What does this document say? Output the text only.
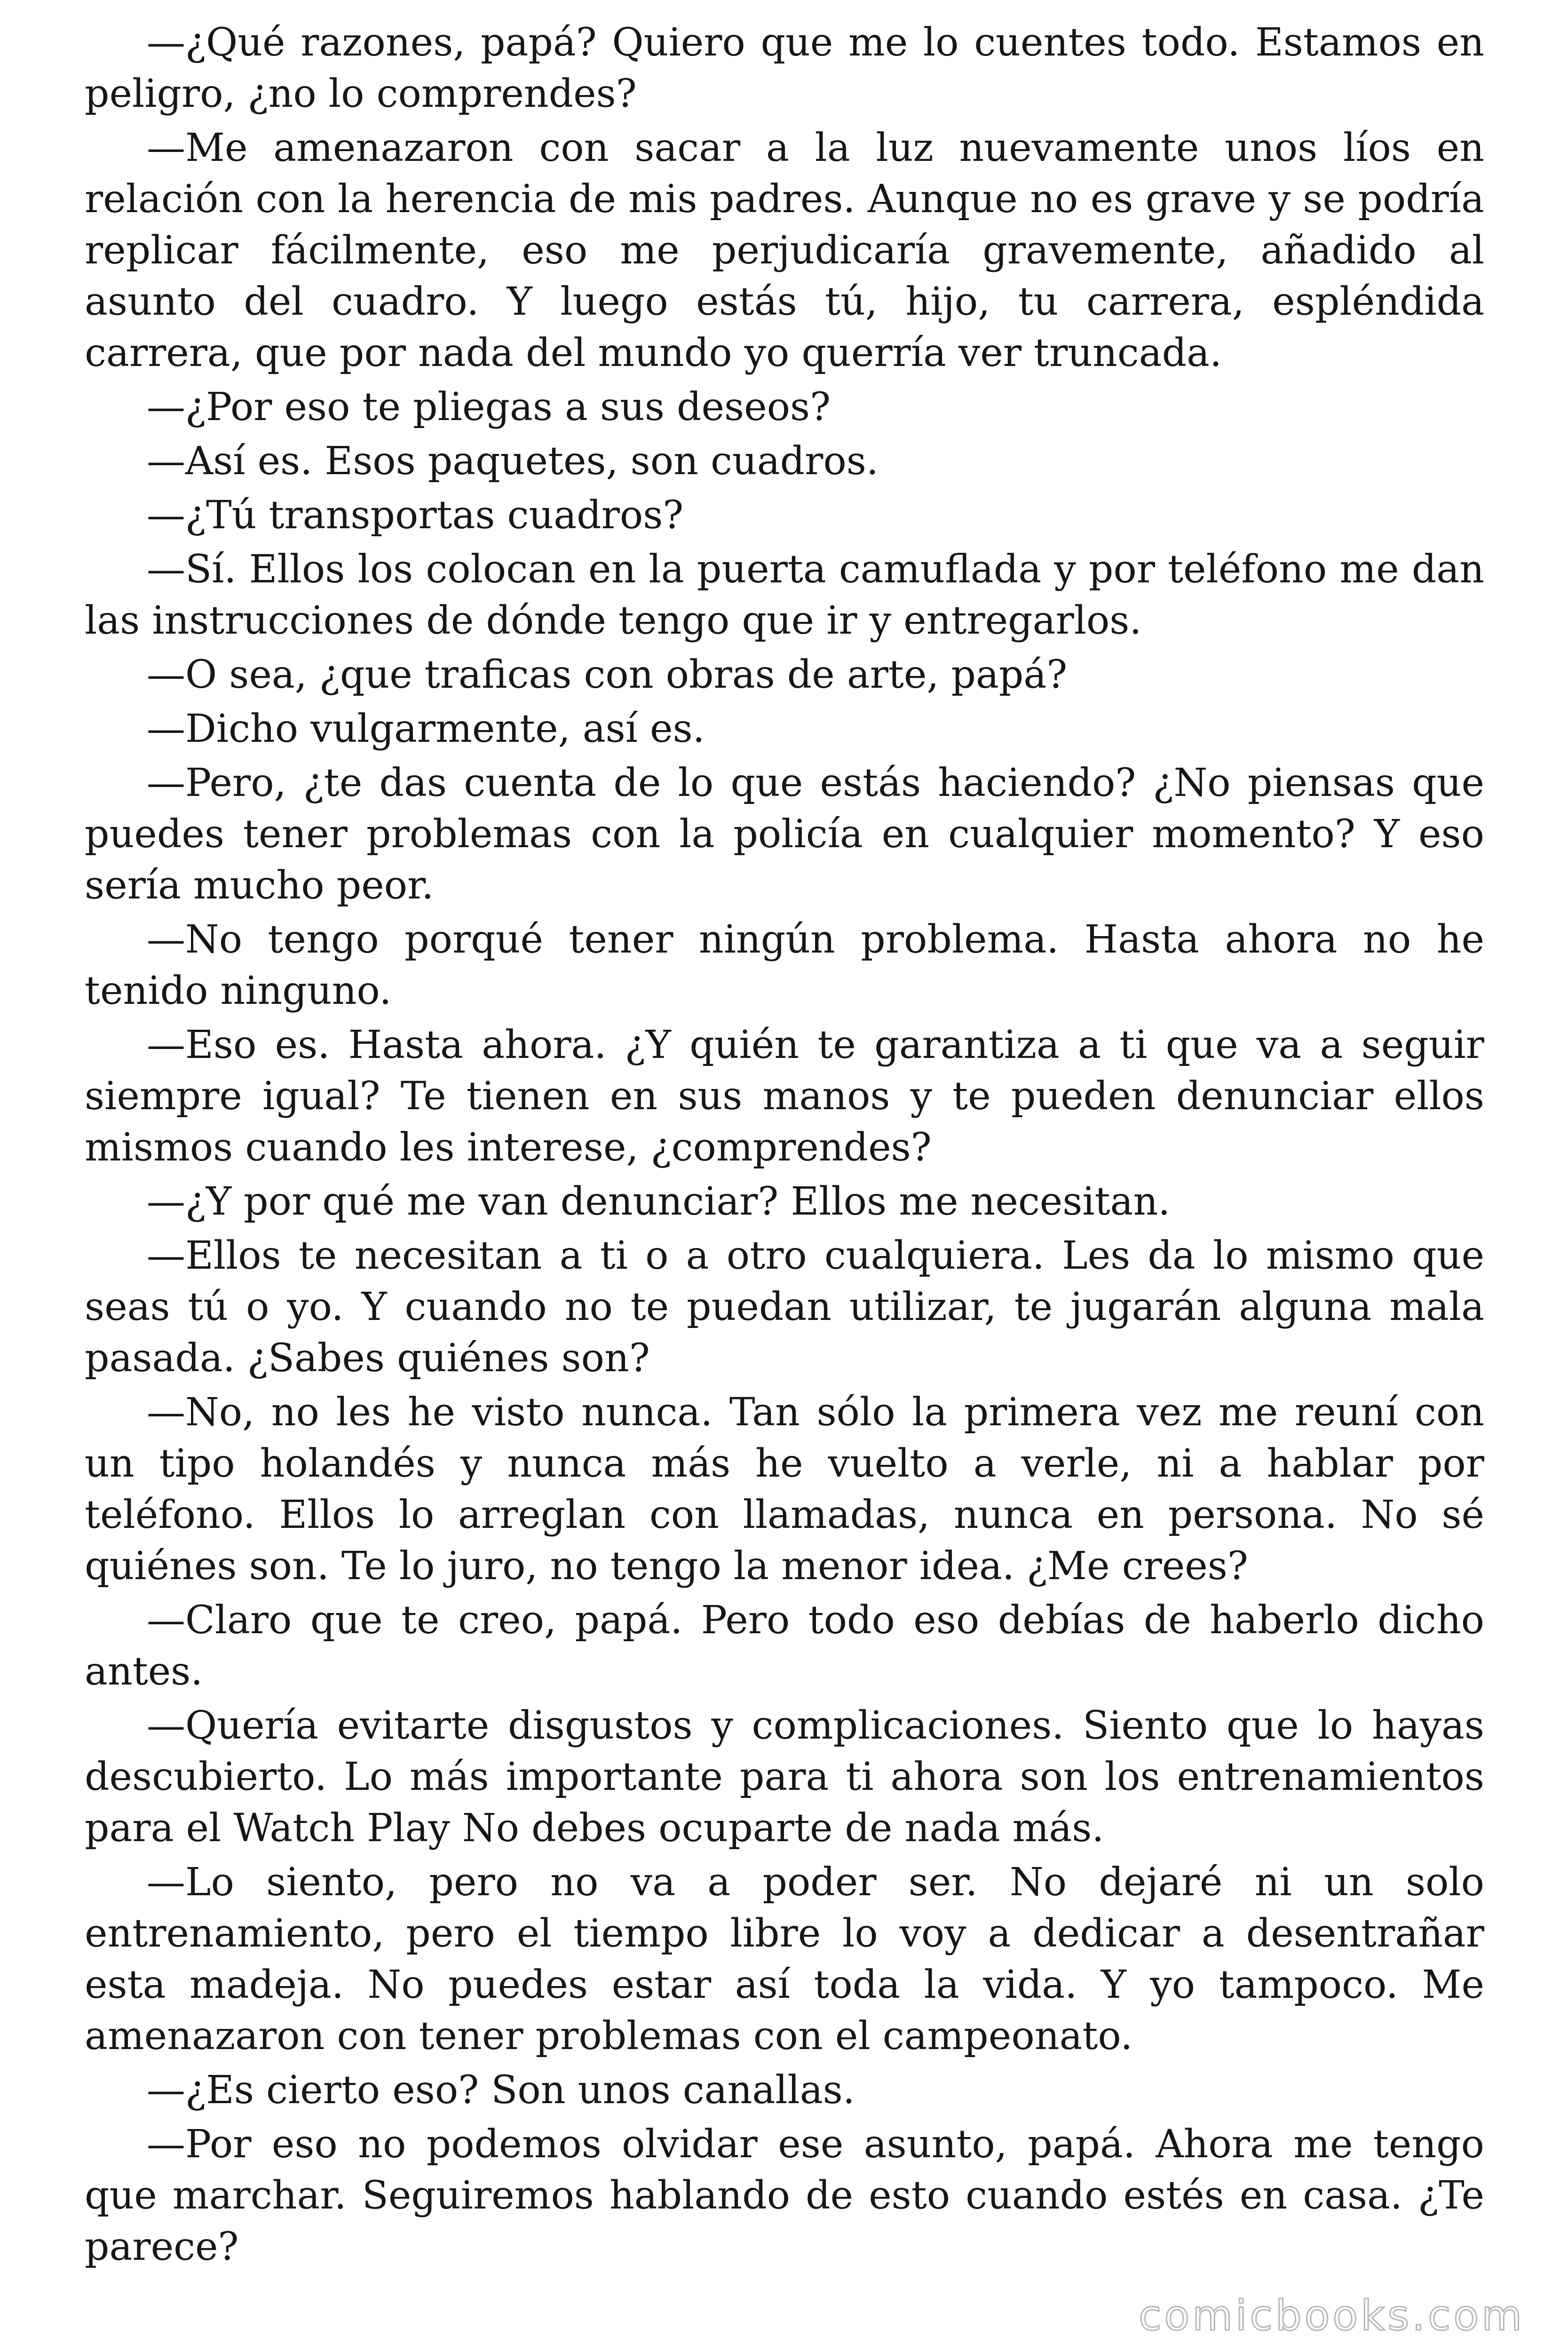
—¿Qué razones, papá? Quiero que me lo cuentes todo. Estamos en peligro, ¿no lo comprendes?

—Me amenazaron con sacar a la luz nuevamente unos líos en relación con la herencia de mis padres. Aunque no es grave y se podría replicar fácilmente, eso me perjudicaría gravemente, añadido al asunto del cuadro. Y luego estás tú, hijo, tu carrera, espléndida carrera, que por nada del mundo yo querría ver truncada.

—¿Por eso te pliegas a sus deseos?

—Así es. Esos paquetes, son cuadros.

—¿Tú transportas cuadros?

—Sí. Ellos los colocan en la puerta camuflada y por teléfono me dan las instrucciones de dónde tengo que ir y entregarlos.

—O sea, ¿que traficas con obras de arte, papá?

—Dicho vulgarmente, así es.

—Pero, ¿te das cuenta de lo que estás haciendo? ¿No piensas que puedes tener problemas con la policía en cualquier momento? Y eso sería mucho peor.

—No tengo porqué tener ningún problema. Hasta ahora no he tenido ninguno.

—Eso es. Hasta ahora. ¿Y quién te garantiza a ti que va a seguir siempre igual? Te tienen en sus manos y te pueden denunciar ellos mismos cuando les interese, ¿comprendes?

—¿Y por qué me van denunciar? Ellos me necesitan.

—Ellos te necesitan a ti o a otro cualquiera. Les da lo mismo que seas tú o yo. Y cuando no te puedan utilizar, te jugarán alguna mala pasada. ¿Sabes quiénes son?

—No, no les he visto nunca. Tan sólo la primera vez me reuní con un tipo holandés y nunca más he vuelto a verle, ni a hablar por teléfono. Ellos lo arreglan con llamadas, nunca en persona. No sé quiénes son. Te lo juro, no tengo la menor idea. ¿Me crees?

—Claro que te creo, papá. Pero todo eso debías de haberlo dicho antes.

—Quería evitarte disgustos y complicaciones. Siento que lo hayas descubierto. Lo más importante para ti ahora son los entrenamientos para el Watch Play No debes ocuparte de nada más.

—Lo siento, pero no va a poder ser. No dejaré ni un solo entrenamiento, pero el tiempo libre lo voy a dedicar a desentrañar esta madeja. No puedes estar así toda la vida. Y yo tampoco. Me amenazaron con tener problemas con el campeonato.

—¿Es cierto eso? Son unos canallas.

—Por eso no podemos olvidar ese asunto, papá. Ahora me tengo que marchar. Seguiremos hablando de esto cuando estés en casa. ¿Te parece?

comicbooks.com
